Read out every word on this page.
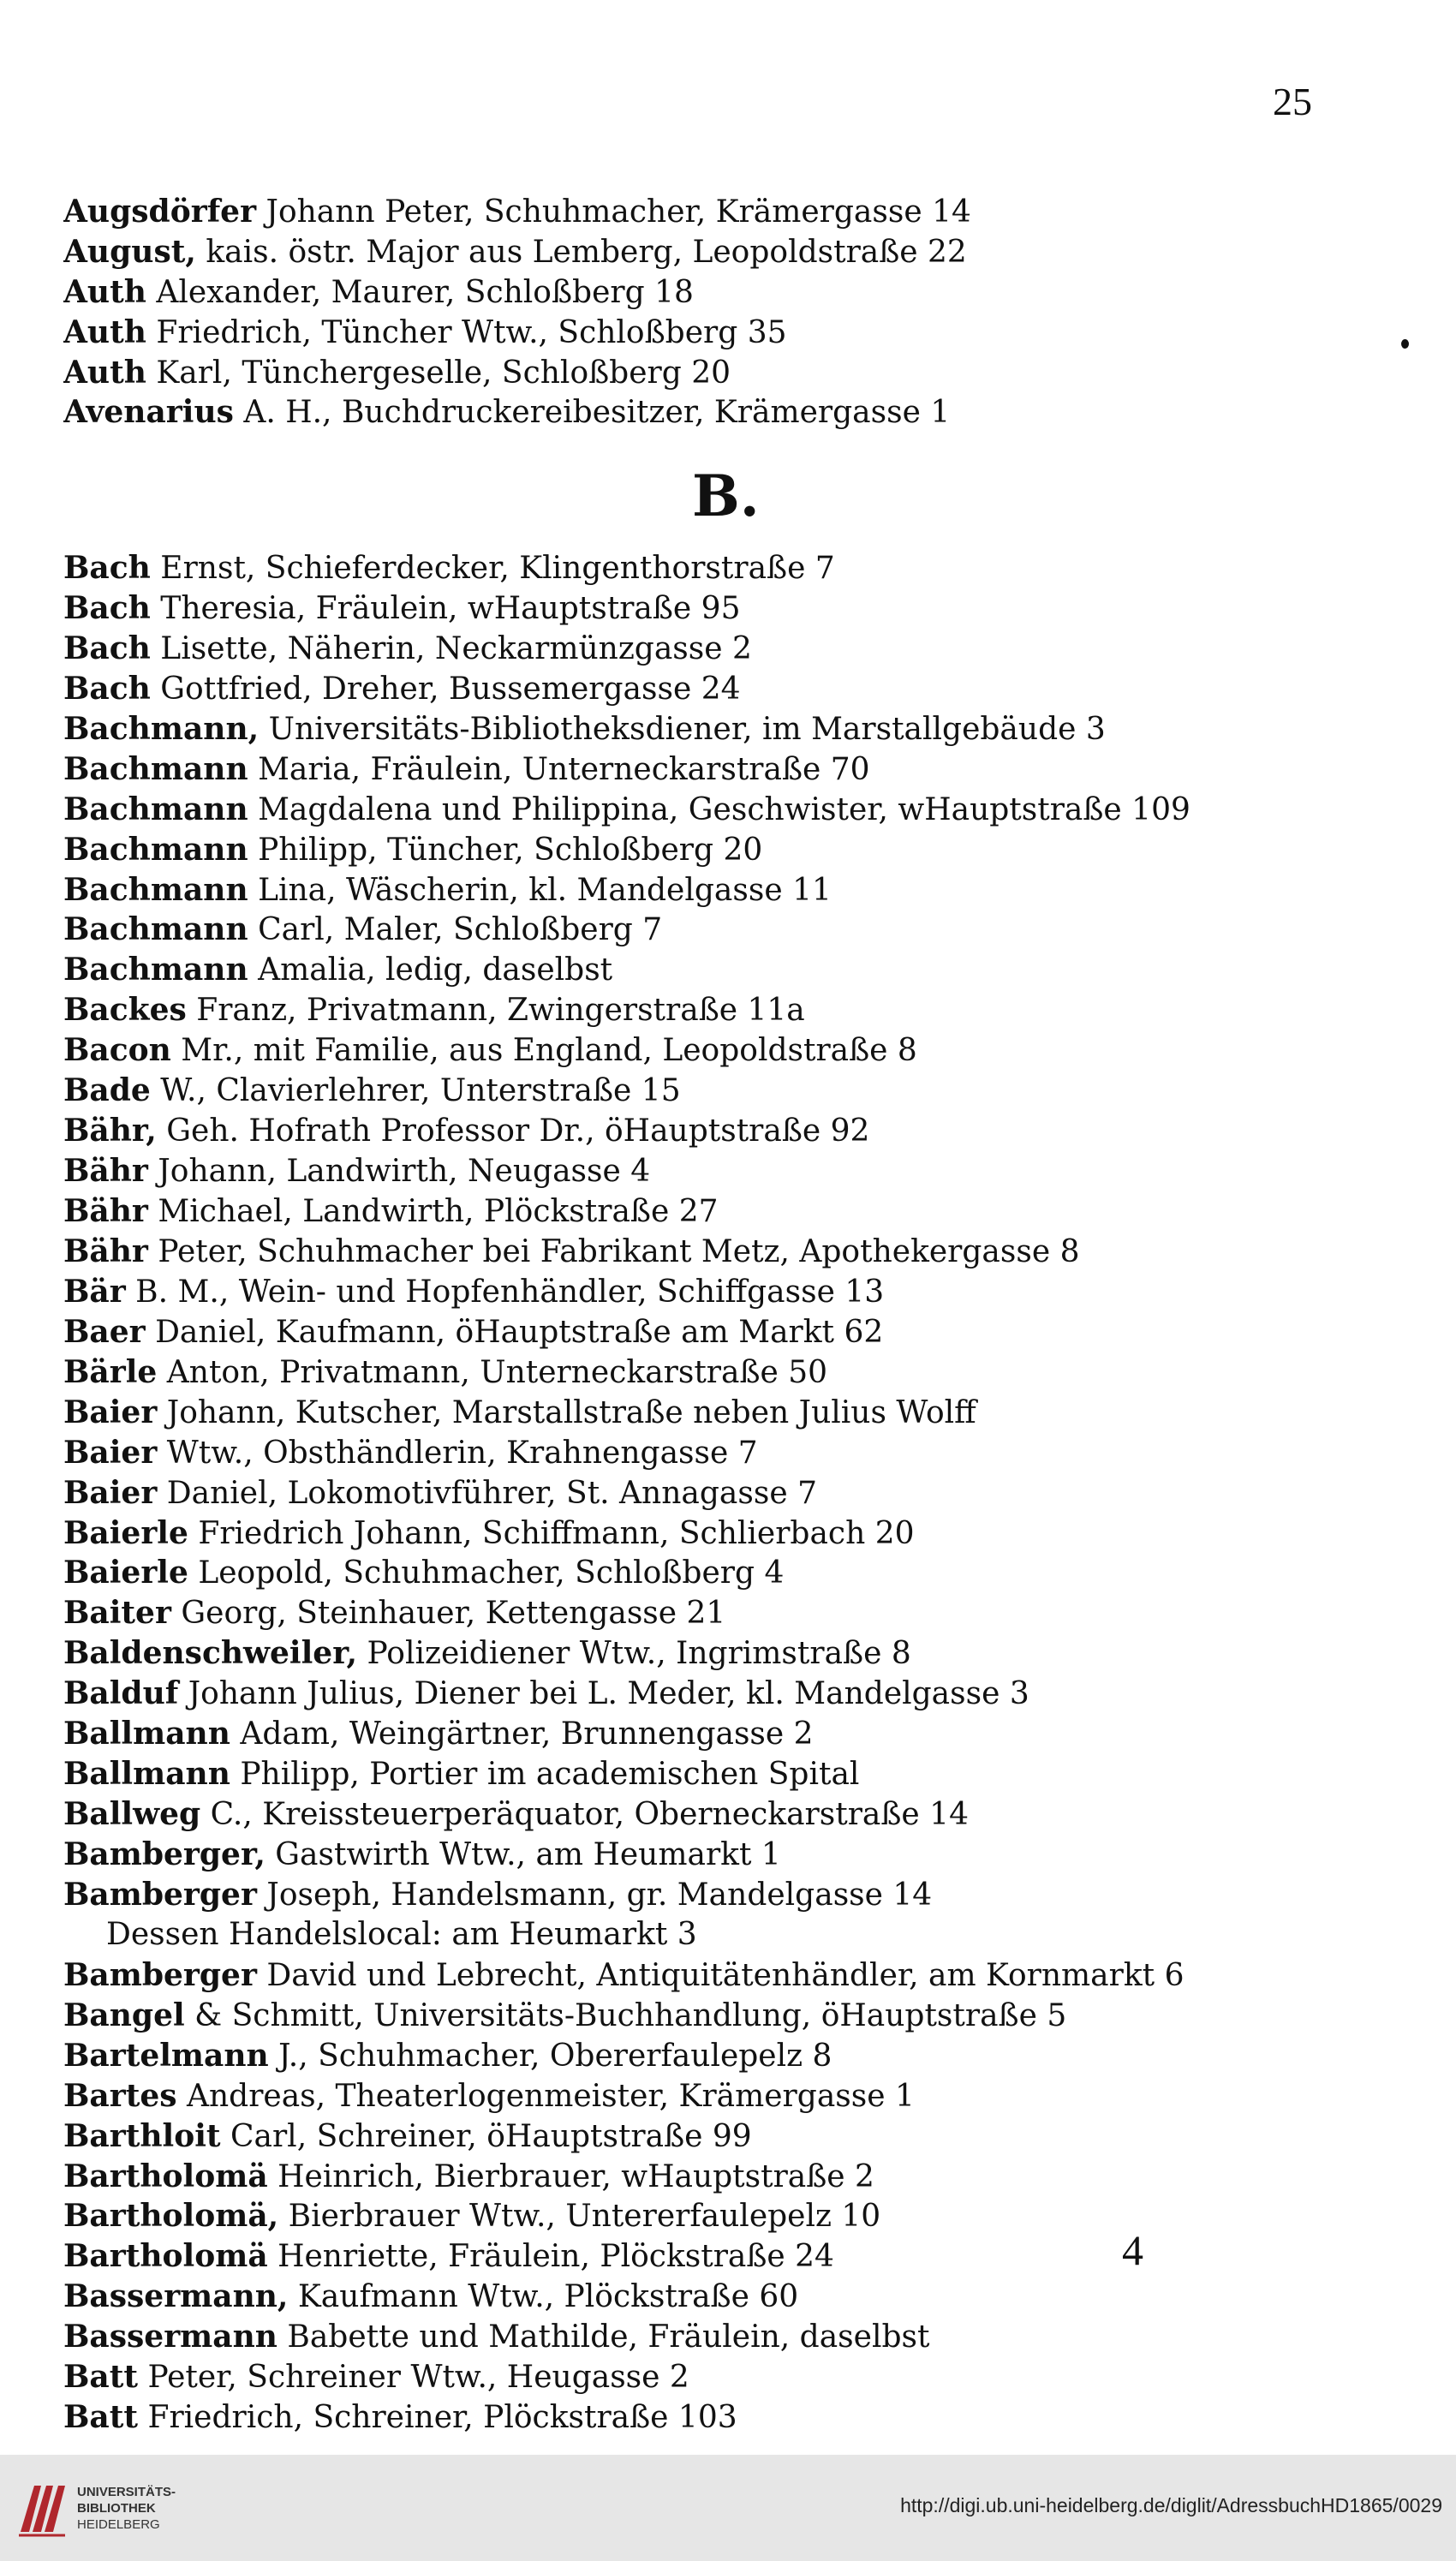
25
Augsdörfer Johann Peter, Schuhmacher, Krämergasse 14
August, kais. östr. Major aus Lemberg, Leopoldstraße 22
Auth Alexander, Maurer, Schloßberg 18
Auth Friedrich, Tüncher Wtw., Schloßberg 35
Auth Karl, Tünchergeselle, Schloßberg 20
Avenarius A. H., Buchdruckereibesitzer, Krämergasse 1
B.
Bach Ernst, Schieferdecker, Klingenthorstraße 7
Bach Theresia, Fräulein, wHauptstraße 95
Bach Lisette, Näherin, Neckarmünzgasse 2
Bach Gottfried, Dreher, Bussemergasse 24
Bachmann, Universitäts-Bibliotheksdiener, im Marstallgebäude 3
Bachmann Maria, Fräulein, Unterneckarstraße 70
Bachmann Magdalena und Philippina, Geschwister, wHauptstraße 109
Bachmann Philipp, Tüncher, Schloßberg 20
Bachmann Lina, Wäscherin, kl. Mandelgasse 11
Bachmann Carl, Maler, Schloßberg 7
Bachmann Amalia, ledig, daselbst
Backes Franz, Privatmann, Zwingerstraße 11a
Bacon Mr., mit Familie, aus England, Leopoldstraße 8
Bade W., Clavierlehrer, Unterstraße 15
Bähr, Geh. Hofrath Professor Dr., öHauptstraße 92
Bähr Johann, Landwirth, Neugasse 4
Bähr Michael, Landwirth, Plöckstraße 27
Bähr Peter, Schuhmacher bei Fabrikant Metz, Apothekergasse 8
Bär B. M., Wein- und Hopfenhändler, Schiffgasse 13
Baer Daniel, Kaufmann, öHauptstraße am Markt 62
Bärle Anton, Privatmann, Unterneckarstraße 50
Baier Johann, Kutscher, Marstallstraße neben Julius Wolff
Baier Wtw., Obsthändlerin, Krahnengasse 7
Baier Daniel, Lokomotivführer, St. Annagasse 7
Baierle Friedrich Johann, Schiffmann, Schlierbach 20
Baierle Leopold, Schuhmacher, Schloßberg 4
Baiter Georg, Steinhauer, Kettengasse 21
Baldenschweiler, Polizeidiener Wtw., Ingrimstraße 8
Balduf Johann Julius, Diener bei L. Meder, kl. Mandelgasse 3
Ballmann Adam, Weingärtner, Brunnengasse 2
Ballmann Philipp, Portier im academischen Spital
Ballweg C., Kreissteuerperäquator, Oberneckarstraße 14
Bamberger, Gastwirth Wtw., am Heumarkt 1
Bamberger Joseph, Handelsmann, gr. Mandelgasse 14
Dessen Handelslocal: am Heumarkt 3
Bamberger David und Lebrecht, Antiquitätenhändler, am Kornmarkt 6
Bangel & Schmitt, Universitäts-Buchhandlung, öHauptstraße 5
Bartelmann J., Schuhmacher, Obererfaulepelz 8
Bartes Andreas, Theaterlogenmeister, Krämergasse 1
Barthloit Carl, Schreiner, öHauptstraße 99
Bartholomä Heinrich, Bierbrauer, wHauptstraße 2
Bartholomä, Bierbrauer Wtw., Untererfaulepelz 10
Bartholomä Henriette, Fräulein, Plöckstraße 24
Bassermann, Kaufmann Wtw., Plöckstraße 60
Bassermann Babette und Mathilde, Fräulein, daselbst
Batt Peter, Schreiner Wtw., Heugasse 2
Batt Friedrich, Schreiner, Plöckstraße 103
4
UNIVERSITÄTS-
BIBLIOTHEK
HEIDELBERG
http://digi.ub.uni-heidelberg.de/diglit/AdressbuchHD1865/0029
